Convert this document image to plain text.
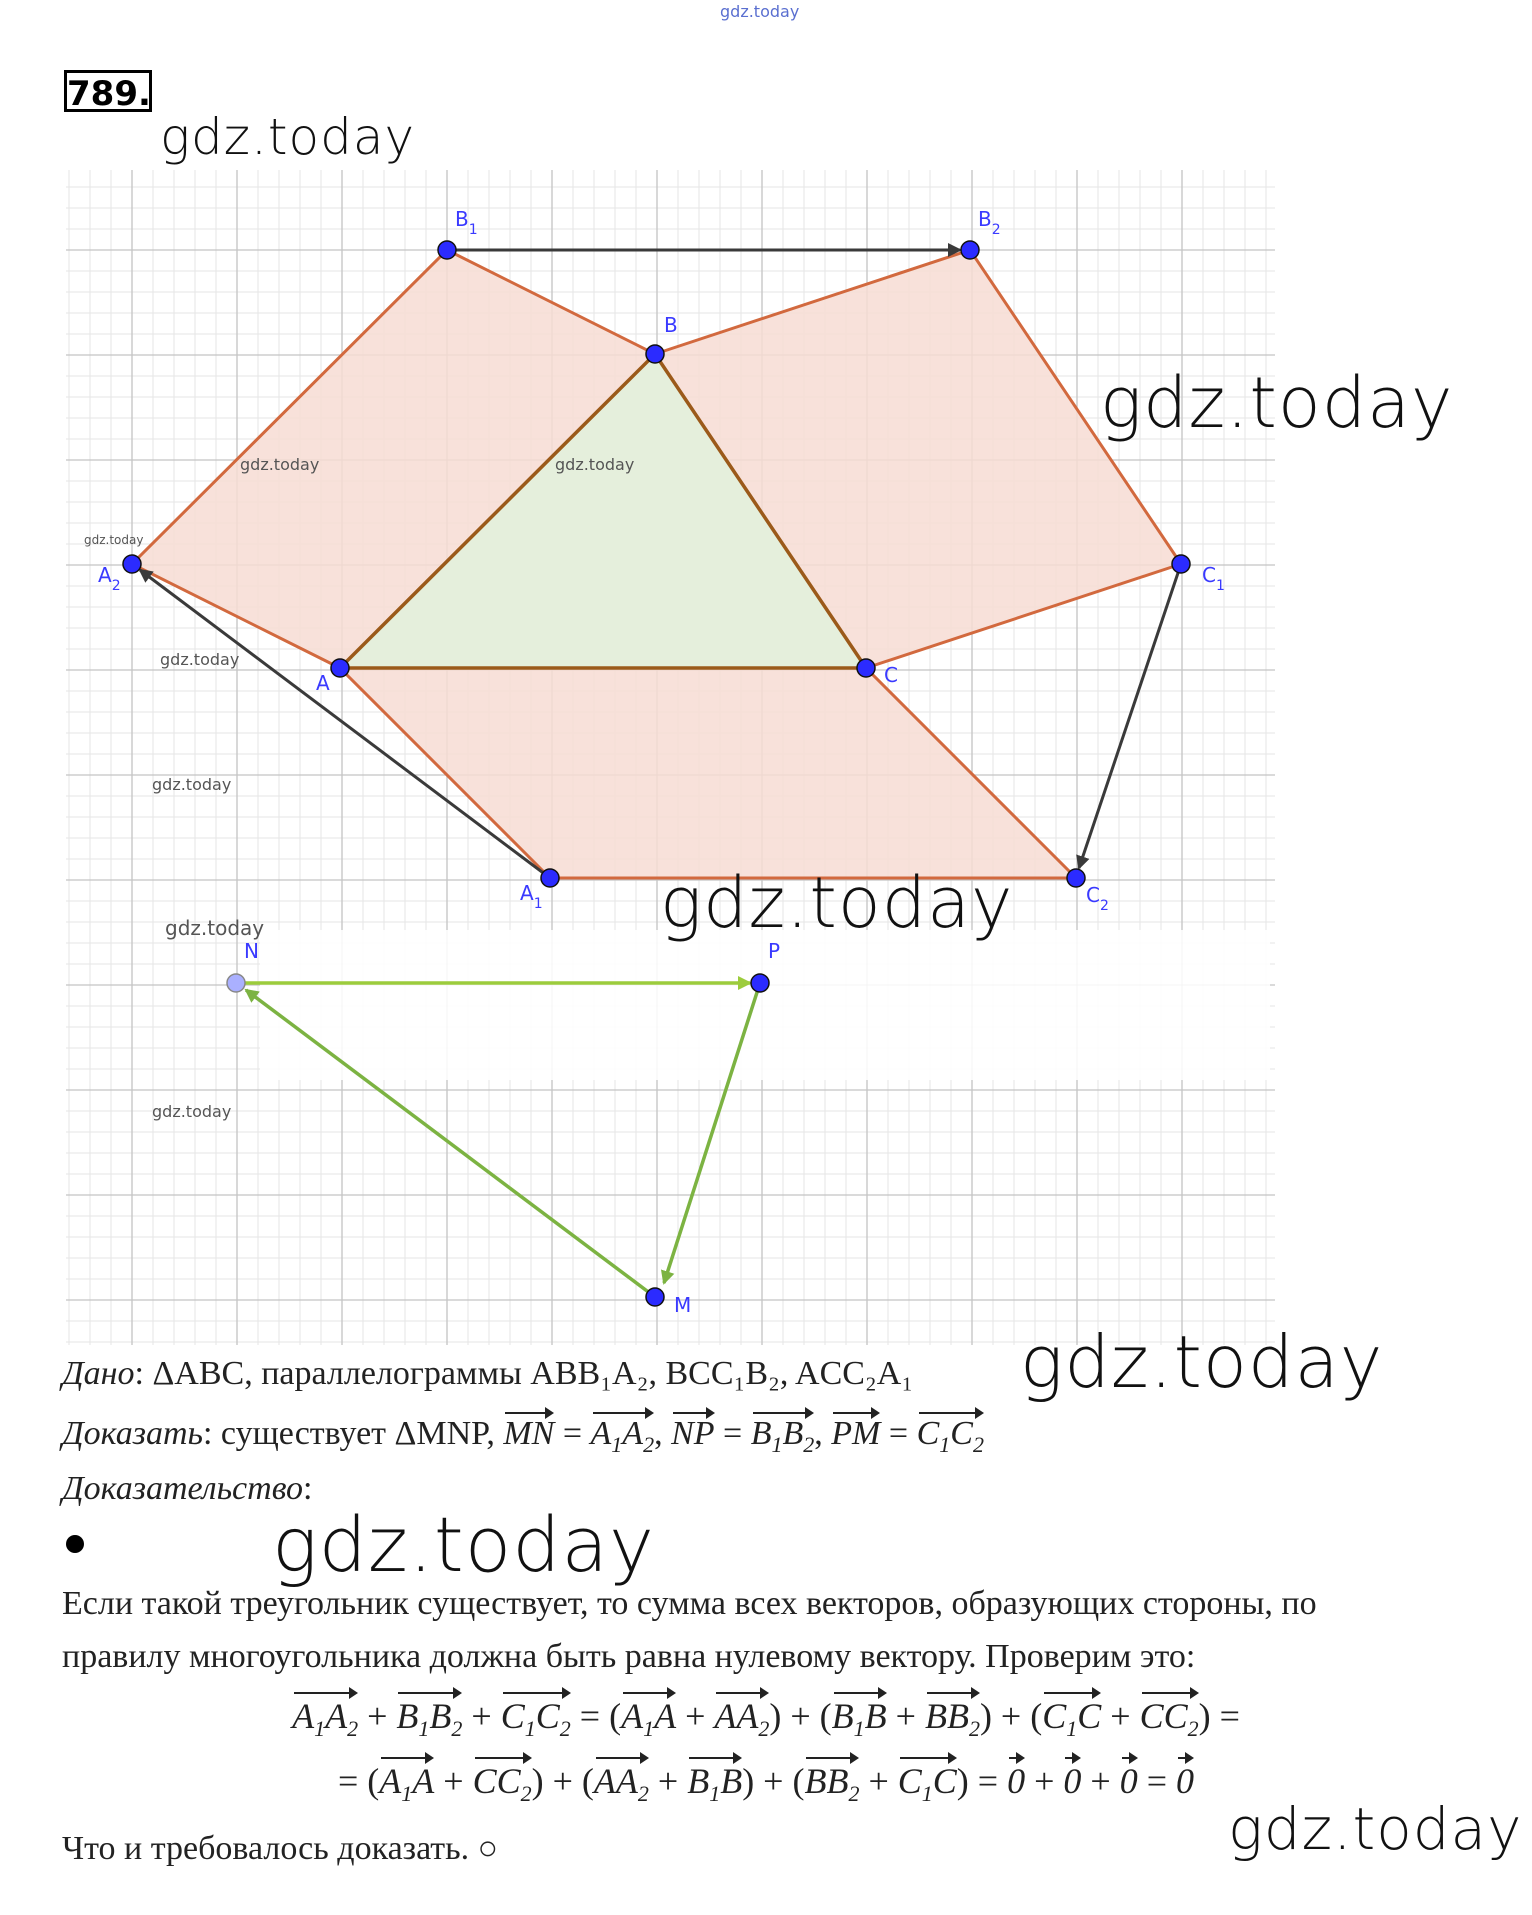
gdz.today
789.
gdz.today
$B_1$	$B_2$
B
$A_2$
A	C
$C_1$
$A_1$	$C_2$
N	P
M
gdz.today	gdz.today
gdz.today
gdz.today
gdz.today
gdz.today
gdz.today
gdz.today
gdz.today
Дано: ΔABC, параллелограммы ABB₁A₂, BCC₁B₂, ACC₂A₁ gdz.today
Доказать: существует ΔMNP, MN = $A_1A_2$, NP = $B_1B_2$, PM = $C_1C_2$
Доказательство:
gdz.today
Если такой треугольник существует, то сумма всех векторов, образующих стороны, по
правилу многоугольника должна быть равна нулевому вектору. Проверим это:
$A_1A_2 + B_1B_2 + C_1C_2 = (A_1A + AA_2) + (B_1B + BB_2) + (C_1C + CC_2)$ =
= $(A_1A + CC_2) + (AA_2 + B_1B) + (BB_2 + C_1C) = 0 + 0 + 0 = 0$
Что и требовалось доказать. ○	gdz.today
